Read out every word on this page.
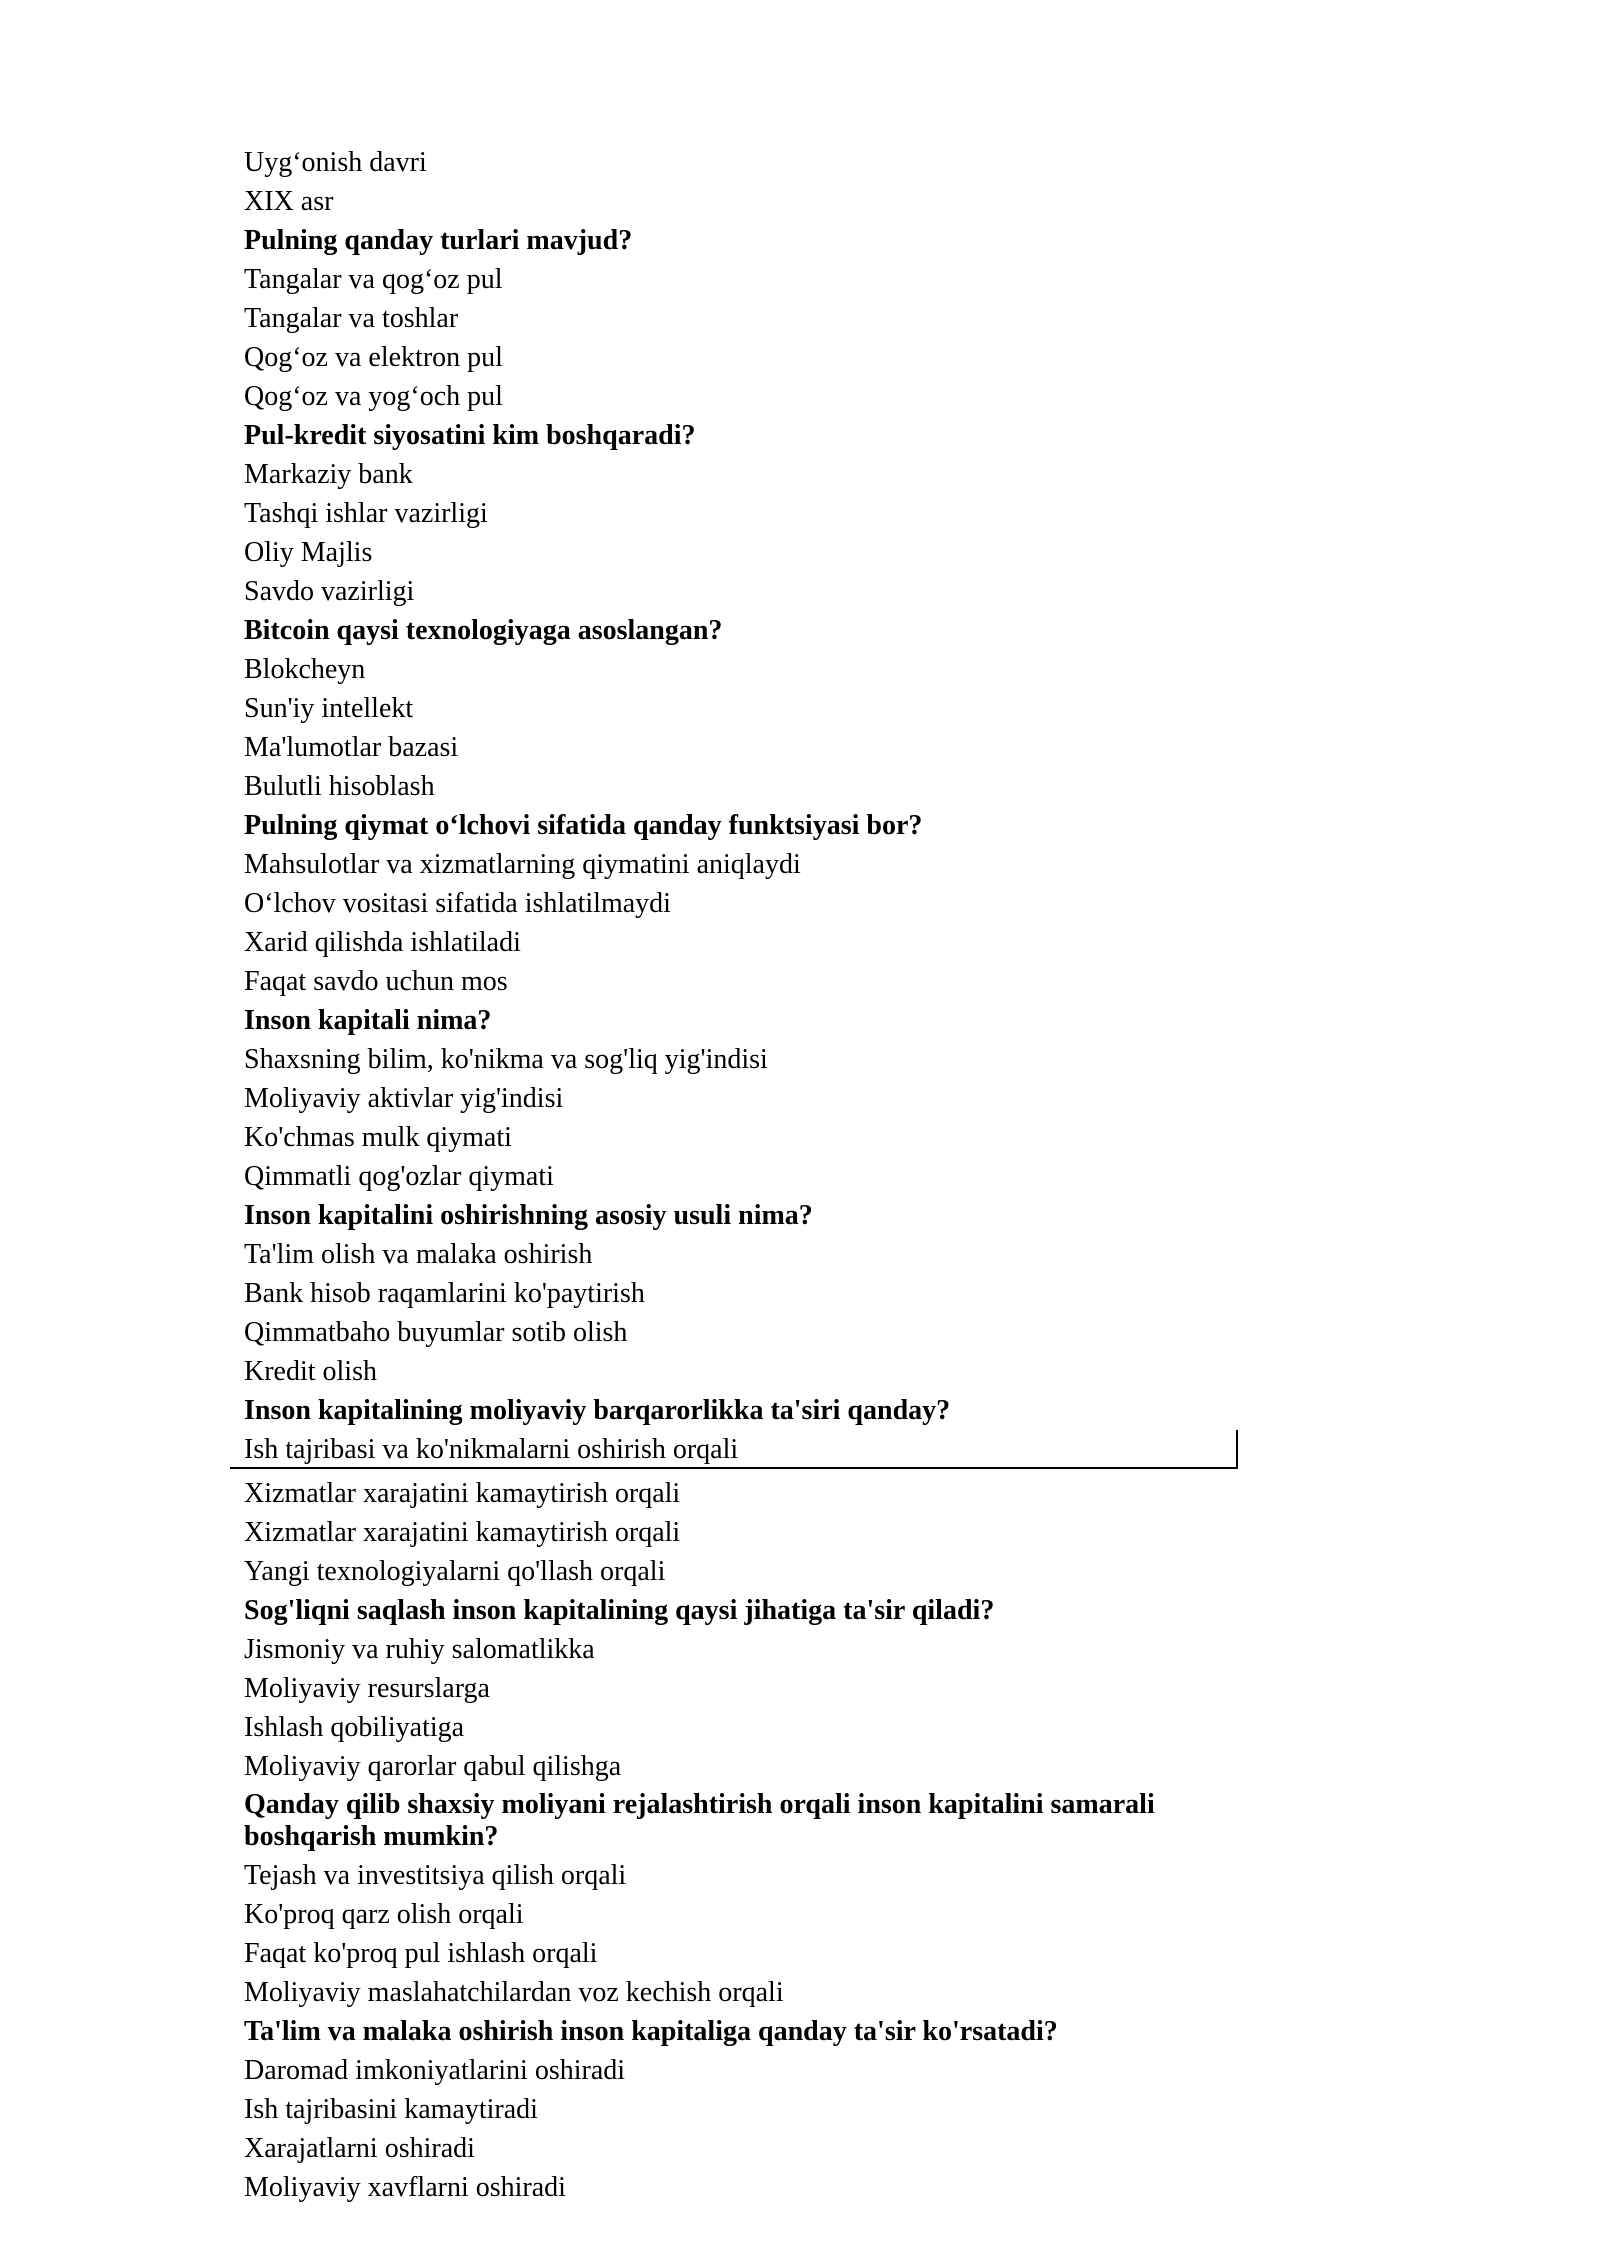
Uyg‘onish davri
XIX asr
Pulning qanday turlari mavjud?
Tangalar va qog‘oz pul
Tangalar va toshlar
Qog‘oz va elektron pul
Qog‘oz va yog‘och pul
Pul-kredit siyosatini kim boshqaradi?
Markaziy bank
Tashqi ishlar vazirligi
Oliy Majlis
Savdo vazirligi
Bitcoin qaysi texnologiyaga asoslangan?
Blokcheyn
Sun'iy intellekt
Ma'lumotlar bazasi
Bulutli hisoblash
Pulning qiymat o‘lchovi sifatida qanday funktsiyasi bor?
Mahsulotlar va xizmatlarning qiymatini aniqlaydi
O‘lchov vositasi sifatida ishlatilmaydi
Xarid qilishda ishlatiladi
Faqat savdo uchun mos
Inson kapitali nima?
Shaxsning bilim, ko'nikma va sog'liq yig'indisi
Moliyaviy aktivlar yig'indisi
Ko'chmas mulk qiymati
Qimmatli qog'ozlar qiymati
Inson kapitalini oshirishning asosiy usuli nima?
Ta'lim olish va malaka oshirish
Bank hisob raqamlarini ko'paytirish
Qimmatbaho buyumlar sotib olish
Kredit olish
Inson kapitalining moliyaviy barqarorlikka ta'siri qanday?
Ish tajribasi va ko'nikmalarni oshirish orqali
Xizmatlar xarajatini kamaytirish orqali
Xizmatlar xarajatini kamaytirish orqali
Yangi texnologiyalarni qo'llash orqali
Sog'liqni saqlash inson kapitalining qaysi jihatiga ta'sir qiladi?
Jismoniy va ruhiy salomatlikka
Moliyaviy resurslarga
Ishlash qobiliyatiga
Moliyaviy qarorlar qabul qilishga
Qanday qilib shaxsiy moliyani rejalashtirish orqali inson kapitalini samarali boshqarish mumkin?
Tejash va investitsiya qilish orqali
Ko'proq qarz olish orqali
Faqat ko'proq pul ishlash orqali
Moliyaviy maslahatchilardan voz kechish orqali
Ta'lim va malaka oshirish inson kapitaliga qanday ta'sir ko'rsatadi?
Daromad imkoniyatlarini oshiradi
Ish tajribasini kamaytiradi
Xarajatlarni oshiradi
Moliyaviy xavflarni oshiradi
